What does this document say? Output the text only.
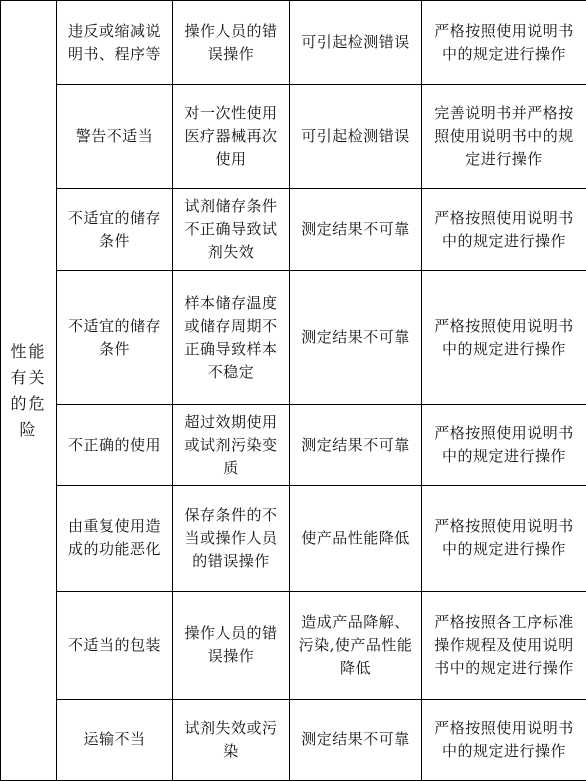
性能有关的危险	违反或缩减说明书、程序等	操作人员的错误操作	可引起检测错误	严格按照使用说明书中的规定进行操作
	警告不适当	对一次性使用医疗器械再次使用	可引起检测错误	完善说明书并严格按照使用说明书中的规定进行操作
	不适宜的储存条件	试剂储存条件不正确导致试剂失效	测定结果不可靠	严格按照使用说明书中的规定进行操作
	不适宜的储存条件	样本储存温度或储存周期不正确导致样本不稳定	测定结果不可靠	严格按照使用说明书中的规定进行操作
	不正确的使用	超过效期使用或试剂污染变质	测定结果不可靠	严格按照使用说明书中的规定进行操作
	由重复使用造成的功能恶化	保存条件的不当或操作人员的错误操作	使产品性能降低	严格按照使用说明书中的规定进行操作
	不适当的包装	操作人员的错误操作	造成产品降解、污染,使产品性能降低	严格按照各工序标准操作规程及使用说明书中的规定进行操作
	运输不当	试剂失效或污染	测定结果不可靠	严格按照使用说明书中的规定进行操作
